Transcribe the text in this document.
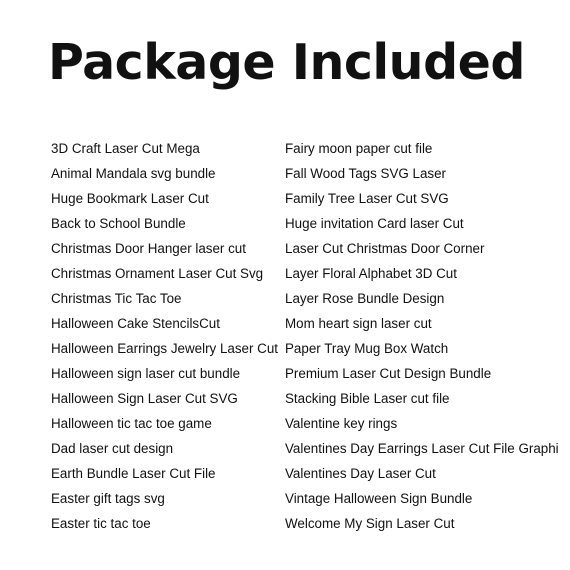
Package Included
3D Craft Laser Cut Mega
Animal Mandala svg bundle
Huge Bookmark Laser Cut
Back to School Bundle
Christmas Door Hanger laser cut
Christmas Ornament Laser Cut Svg
Christmas Tic Tac Toe
Halloween Cake StencilsCut
Halloween Earrings Jewelry Laser Cut
Halloween sign laser cut bundle
Halloween Sign Laser Cut SVG
Halloween tic tac toe game
Dad laser cut design
Earth Bundle Laser Cut File
Easter gift tags svg
Easter tic tac toe
Fairy moon paper cut file
Fall Wood Tags SVG Laser
Family Tree Laser Cut SVG
Huge invitation Card laser Cut
Laser Cut Christmas Door Corner
Layer Floral Alphabet 3D Cut
Layer Rose Bundle Design
Mom heart sign laser cut
Paper Tray Mug Box Watch
Premium Laser Cut Design Bundle
Stacking Bible Laser cut file
Valentine key rings
Valentines Day Earrings Laser Cut File Graphi
Valentines Day Laser Cut
Vintage Halloween Sign Bundle
Welcome My Sign Laser Cut
